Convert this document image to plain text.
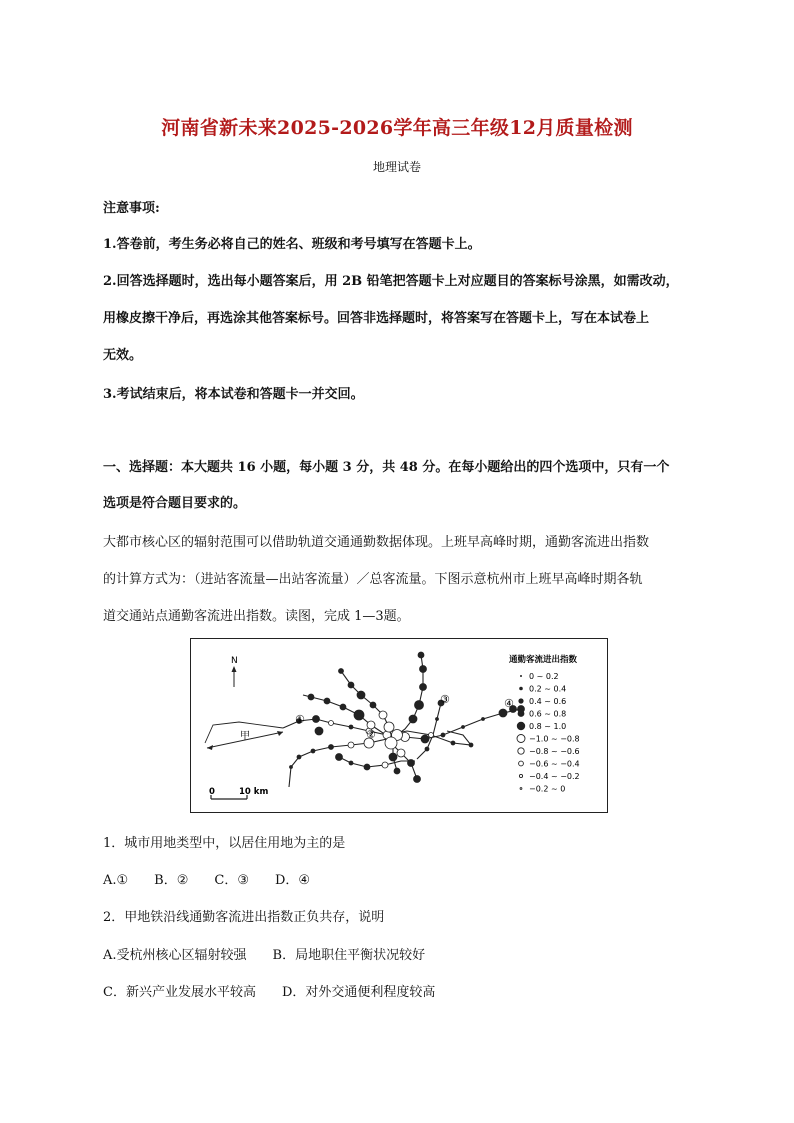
河南省新未来2025-2026学年高三年级12月质量检测
地理试卷
注意事项:
1.答卷前，考生务必将自己的姓名、班级和考号填写在答题卡上。
2.回答选择题时，选出每小题答案后，用 2B 铅笔把答题卡上对应题目的答案标号涂黑，如需改动，
用橡皮擦干净后，再选涂其他答案标号。回答非选择题时，将答案写在答题卡上，写在本试卷上
无效。
3.考试结束后，将本试卷和答题卡一并交回。
一、选择题：本大题共 16 小题，每小题 3 分，共 48 分。在每小题给出的四个选项中，只有一个
选项是符合题目要求的。
大都市核心区的辐射范围可以借助轨道交通通勤数据体现。上班早高峰时期，通勤客流进出指数
的计算方式为：（进站客流量—出站客流量）／总客流量。下图示意杭州市上班早高峰时期各轨
道交通站点通勤客流进出指数。读图，完成 1—3题。
N
甲
①
②
③	④
0	10 km
通勤客流进出指数
0 ~ 0.2
0.2 ~ 0.4
0.4 ~ 0.6
0.6 ~ 0.8
0.8 ~ 1.0
−1.0 ~ −0.8
−0.8 ~ −0.6
−0.6 ~ −0.4
−0.4 ~ −0.2
−0.2 ~ 0
1．城市用地类型中，以居住用地为主的是
A.①　　B．②　　C．③　　D．④
2．甲地铁沿线通勤客流进出指数正负共存，说明
A.受杭州核心区辐射较强　　B．局地职住平衡状况较好
C．新兴产业发展水平较高　　D．对外交通便利程度较高
